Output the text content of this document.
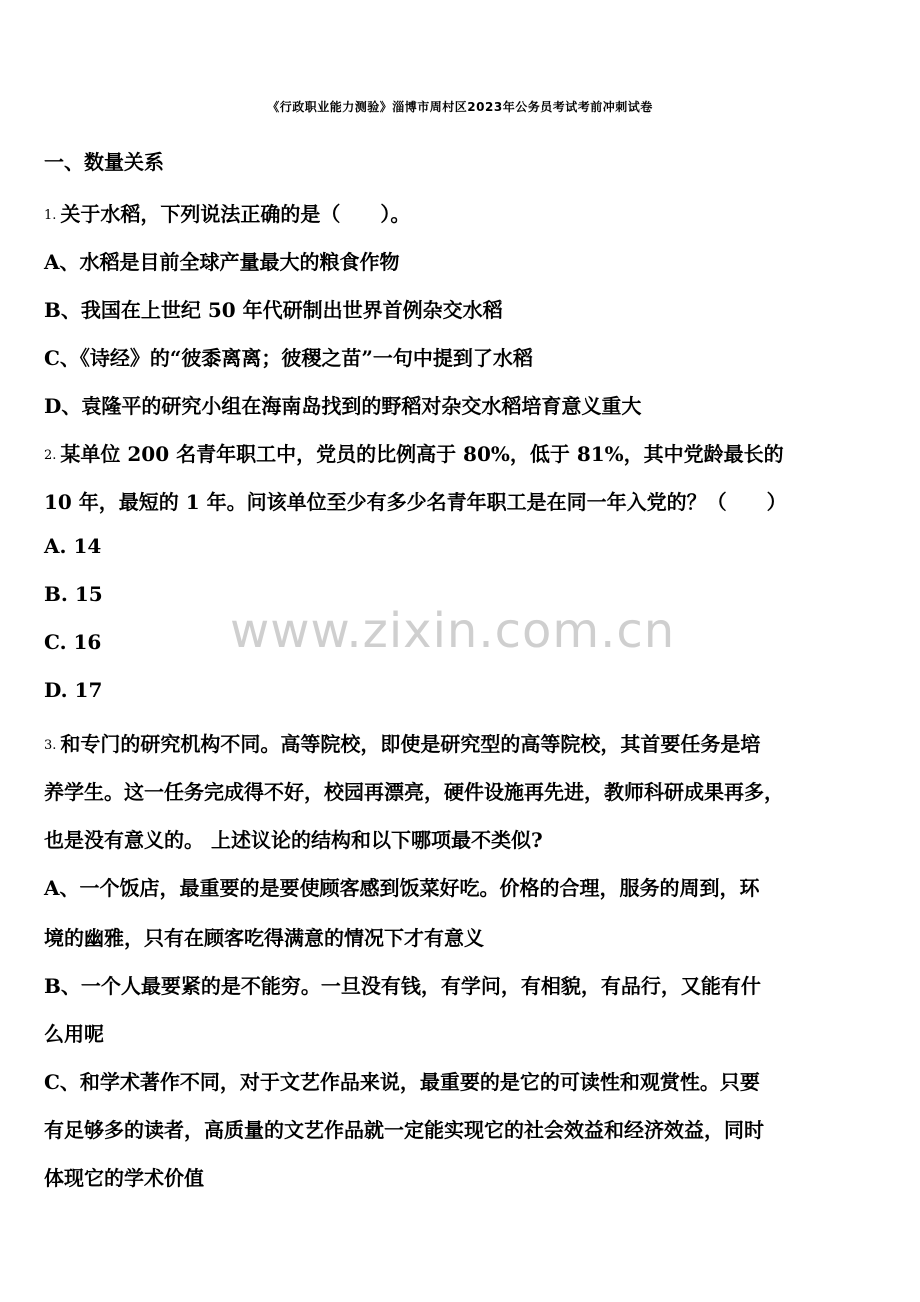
《行政职业能力测验》淄博市周村区2023年公务员考试考前冲刺试卷
一、数量关系
1. 关于水稻，下列说法正确的是（　　）。
A、水稻是目前全球产量最大的粮食作物
B、我国在上世纪 50 年代研制出世界首例杂交水稻
C、《诗经》的“彼黍离离；彼稷之苗”一句中提到了水稻
D、袁隆平的研究小组在海南岛找到的野稻对杂交水稻培育意义重大
2. 某单位 200 名青年职工中，党员的比例高于 80%，低于 81%，其中党龄最长的
10 年，最短的 1 年。问该单位至少有多少名青年职工是在同一年入党的？（　　）
A. 14
B. 15
C. 16
D. 17
3. 和专门的研究机构不同。高等院校，即使是研究型的高等院校，其首要任务是培
养学生。这一任务完成得不好，校园再漂亮，硬件设施再先进，教师科研成果再多，
也是没有意义的。 上述议论的结构和以下哪项最不类似?
A、一个饭店，最重要的是要使顾客感到饭菜好吃。价格的合理，服务的周到，环
境的幽雅，只有在顾客吃得满意的情况下才有意义
B、一个人最要紧的是不能穷。一旦没有钱，有学问，有相貌，有品行，又能有什
么用呢
C、和学术著作不同，对于文艺作品来说，最重要的是它的可读性和观赏性。只要
有足够多的读者，高质量的文艺作品就一定能实现它的社会效益和经济效益，同时
体现它的学术价值
www.zixin.com.cn
